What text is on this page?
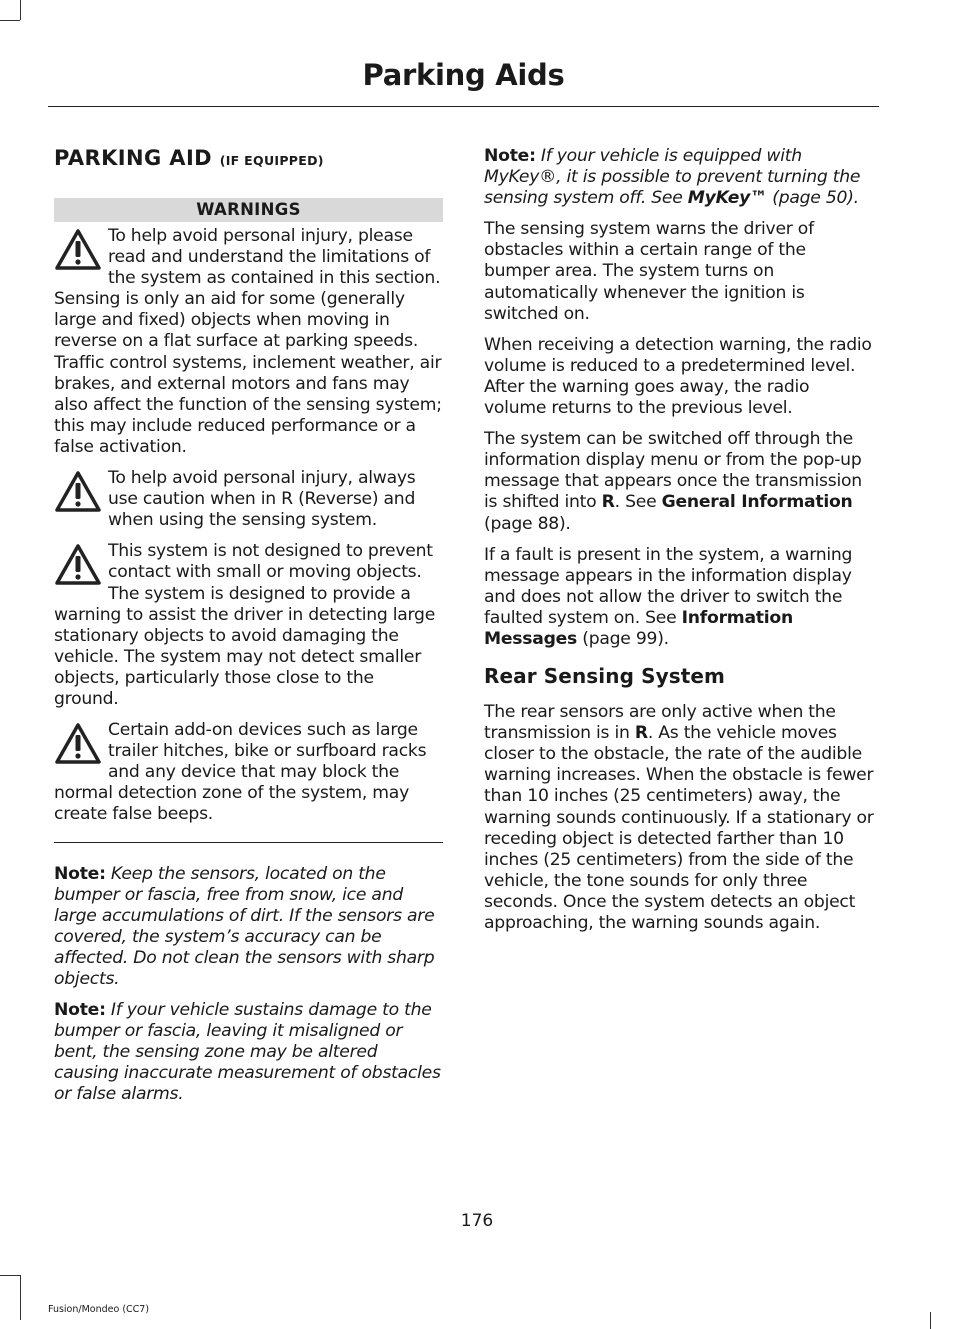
Parking Aids
PARKING AID (IF EQUIPPED)
WARNINGS

To help avoid personal injury, please read and understand the limitations of the system as contained in this section. Sensing is only an aid for some (generally large and fixed) objects when moving in reverse on a flat surface at parking speeds. Traffic control systems, inclement weather, air brakes, and external motors and fans may also affect the function of the sensing system; this may include reduced performance or a false activation.

To help avoid personal injury, always use caution when in R (Reverse) and when using the sensing system.

This system is not designed to prevent contact with small or moving objects. The system is designed to provide a warning to assist the driver in detecting large stationary objects to avoid damaging the vehicle. The system may not detect smaller objects, particularly those close to the ground.

Certain add-on devices such as large trailer hitches, bike or surfboard racks and any device that may block the normal detection zone of the system, may create false beeps.

Note: Keep the sensors, located on the bumper or fascia, free from snow, ice and large accumulations of dirt. If the sensors are covered, the system’s accuracy can be affected. Do not clean the sensors with sharp objects.

Note: If your vehicle sustains damage to the bumper or fascia, leaving it misaligned or bent, the sensing zone may be altered causing inaccurate measurement of obstacles or false alarms.

Note: If your vehicle is equipped with MyKey®, it is possible to prevent turning the sensing system off. See MyKey™ (page 50).

The sensing system warns the driver of obstacles within a certain range of the bumper area. The system turns on automatically whenever the ignition is switched on.

When receiving a detection warning, the radio volume is reduced to a predetermined level. After the warning goes away, the radio volume returns to the previous level.

The system can be switched off through the information display menu or from the pop-up message that appears once the transmission is shifted into R. See General Information (page 88).

If a fault is present in the system, a warning message appears in the information display and does not allow the driver to switch the faulted system on. See Information Messages (page 99).

Rear Sensing System

The rear sensors are only active when the transmission is in R. As the vehicle moves closer to the obstacle, the rate of the audible warning increases. When the obstacle is fewer than 10 inches (25 centimeters) away, the warning sounds continuously. If a stationary or receding object is detected farther than 10 inches (25 centimeters) from the side of the vehicle, the tone sounds for only three seconds. Once the system detects an object approaching, the warning sounds again.

176
Fusion/Mondeo (CC7)
